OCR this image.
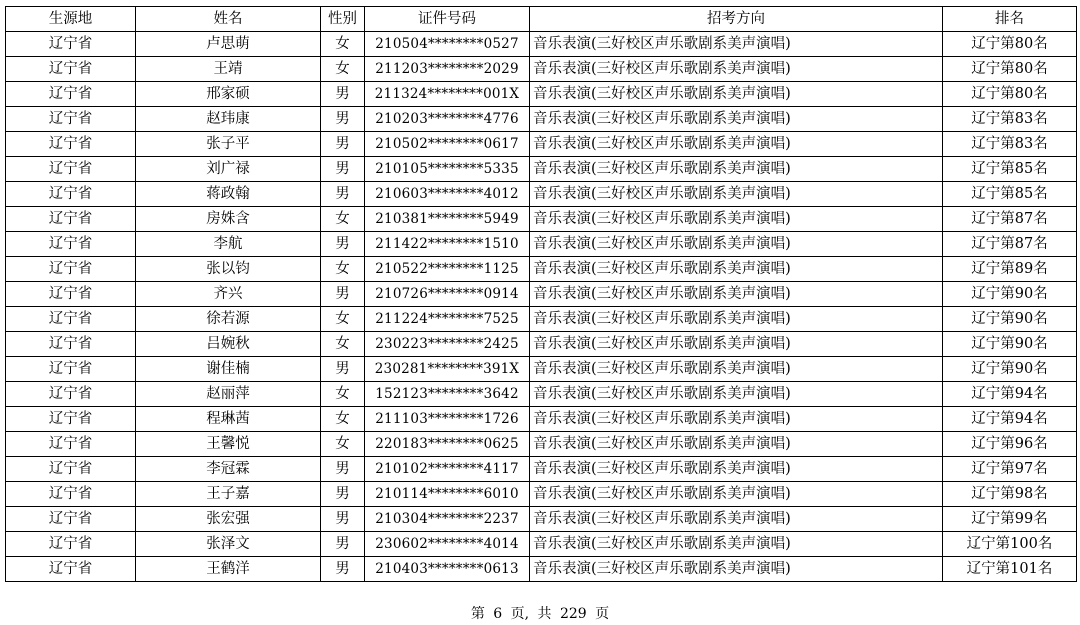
生源地	姓名	性别	证件号码	招考方向	排名
辽宁省	卢思萌	女	210504********0527	音乐表演(三好校区声乐歌剧系美声演唱)	辽宁第80名
辽宁省	王靖	女	211203********2029	音乐表演(三好校区声乐歌剧系美声演唱)	辽宁第80名
辽宁省	邢家硕	男	211324********001X	音乐表演(三好校区声乐歌剧系美声演唱)	辽宁第80名
辽宁省	赵玮康	男	210203********4776	音乐表演(三好校区声乐歌剧系美声演唱)	辽宁第83名
辽宁省	张子平	男	210502********0617	音乐表演(三好校区声乐歌剧系美声演唱)	辽宁第83名
辽宁省	刘广禄	男	210105********5335	音乐表演(三好校区声乐歌剧系美声演唱)	辽宁第85名
辽宁省	蒋政翰	男	210603********4012	音乐表演(三好校区声乐歌剧系美声演唱)	辽宁第85名
辽宁省	房姝含	女	210381********5949	音乐表演(三好校区声乐歌剧系美声演唱)	辽宁第87名
辽宁省	李航	男	211422********1510	音乐表演(三好校区声乐歌剧系美声演唱)	辽宁第87名
辽宁省	张以钧	女	210522********1125	音乐表演(三好校区声乐歌剧系美声演唱)	辽宁第89名
辽宁省	齐兴	男	210726********0914	音乐表演(三好校区声乐歌剧系美声演唱)	辽宁第90名
辽宁省	徐若源	女	211224********7525	音乐表演(三好校区声乐歌剧系美声演唱)	辽宁第90名
辽宁省	吕婉秋	女	230223********2425	音乐表演(三好校区声乐歌剧系美声演唱)	辽宁第90名
辽宁省	谢佳楠	男	230281********391X	音乐表演(三好校区声乐歌剧系美声演唱)	辽宁第90名
辽宁省	赵丽萍	女	152123********3642	音乐表演(三好校区声乐歌剧系美声演唱)	辽宁第94名
辽宁省	程琳茜	女	211103********1726	音乐表演(三好校区声乐歌剧系美声演唱)	辽宁第94名
辽宁省	王馨悦	女	220183********0625	音乐表演(三好校区声乐歌剧系美声演唱)	辽宁第96名
辽宁省	李冠霖	男	210102********4117	音乐表演(三好校区声乐歌剧系美声演唱)	辽宁第97名
辽宁省	王子嘉	男	210114********6010	音乐表演(三好校区声乐歌剧系美声演唱)	辽宁第98名
辽宁省	张宏强	男	210304********2237	音乐表演(三好校区声乐歌剧系美声演唱)	辽宁第99名
辽宁省	张泽文	男	230602********4014	音乐表演(三好校区声乐歌剧系美声演唱)	辽宁第100名
辽宁省	王鹤洋	男	210403********0613	音乐表演(三好校区声乐歌剧系美声演唱)	辽宁第101名
第 6 页, 共 229 页
